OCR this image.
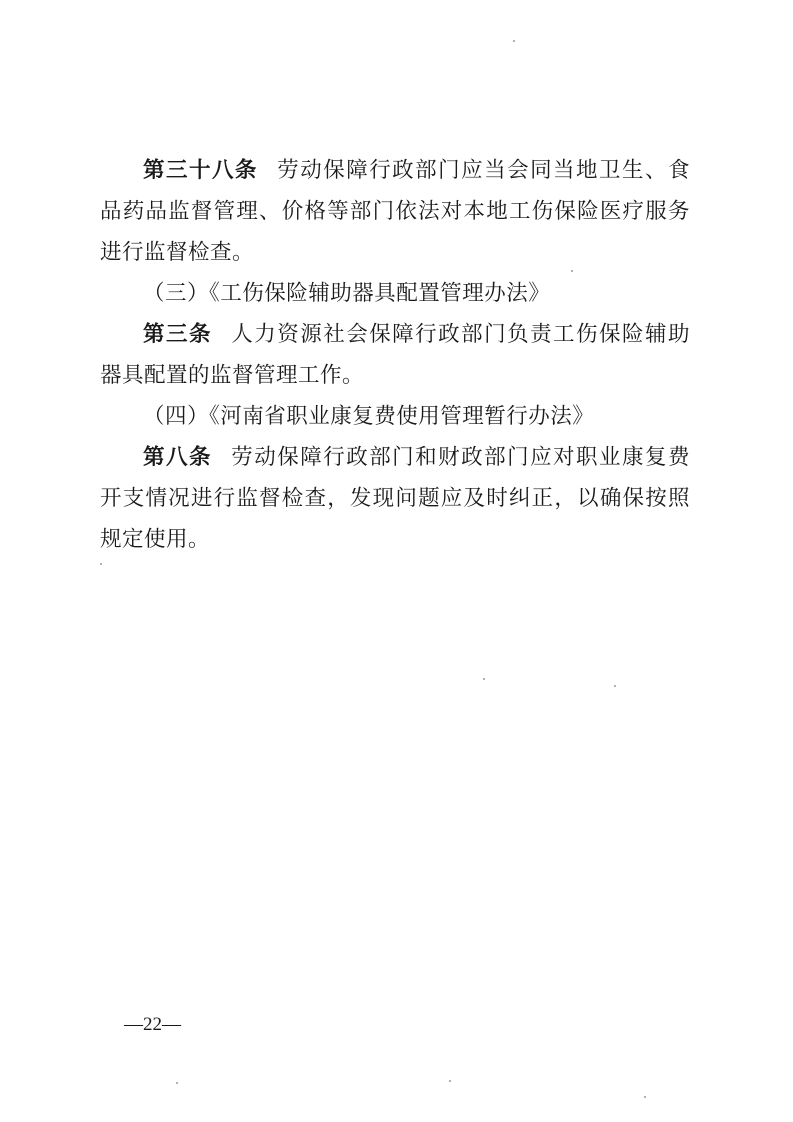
第三十八条 劳动保障行政部门应当会同当地卫生、食品药品监督管理、价格等部门依法对本地工伤保险医疗服务进行监督检查。

（三）《工伤保险辅助器具配置管理办法》

第三条 人力资源社会保障行政部门负责工伤保险辅助器具配置的监督管理工作。

（四）《河南省职业康复费使用管理暂行办法》

第八条 劳动保障行政部门和财政部门应对职业康复费开支情况进行监督检查，发现问题应及时纠正，以确保按照规定使用。

—22—
